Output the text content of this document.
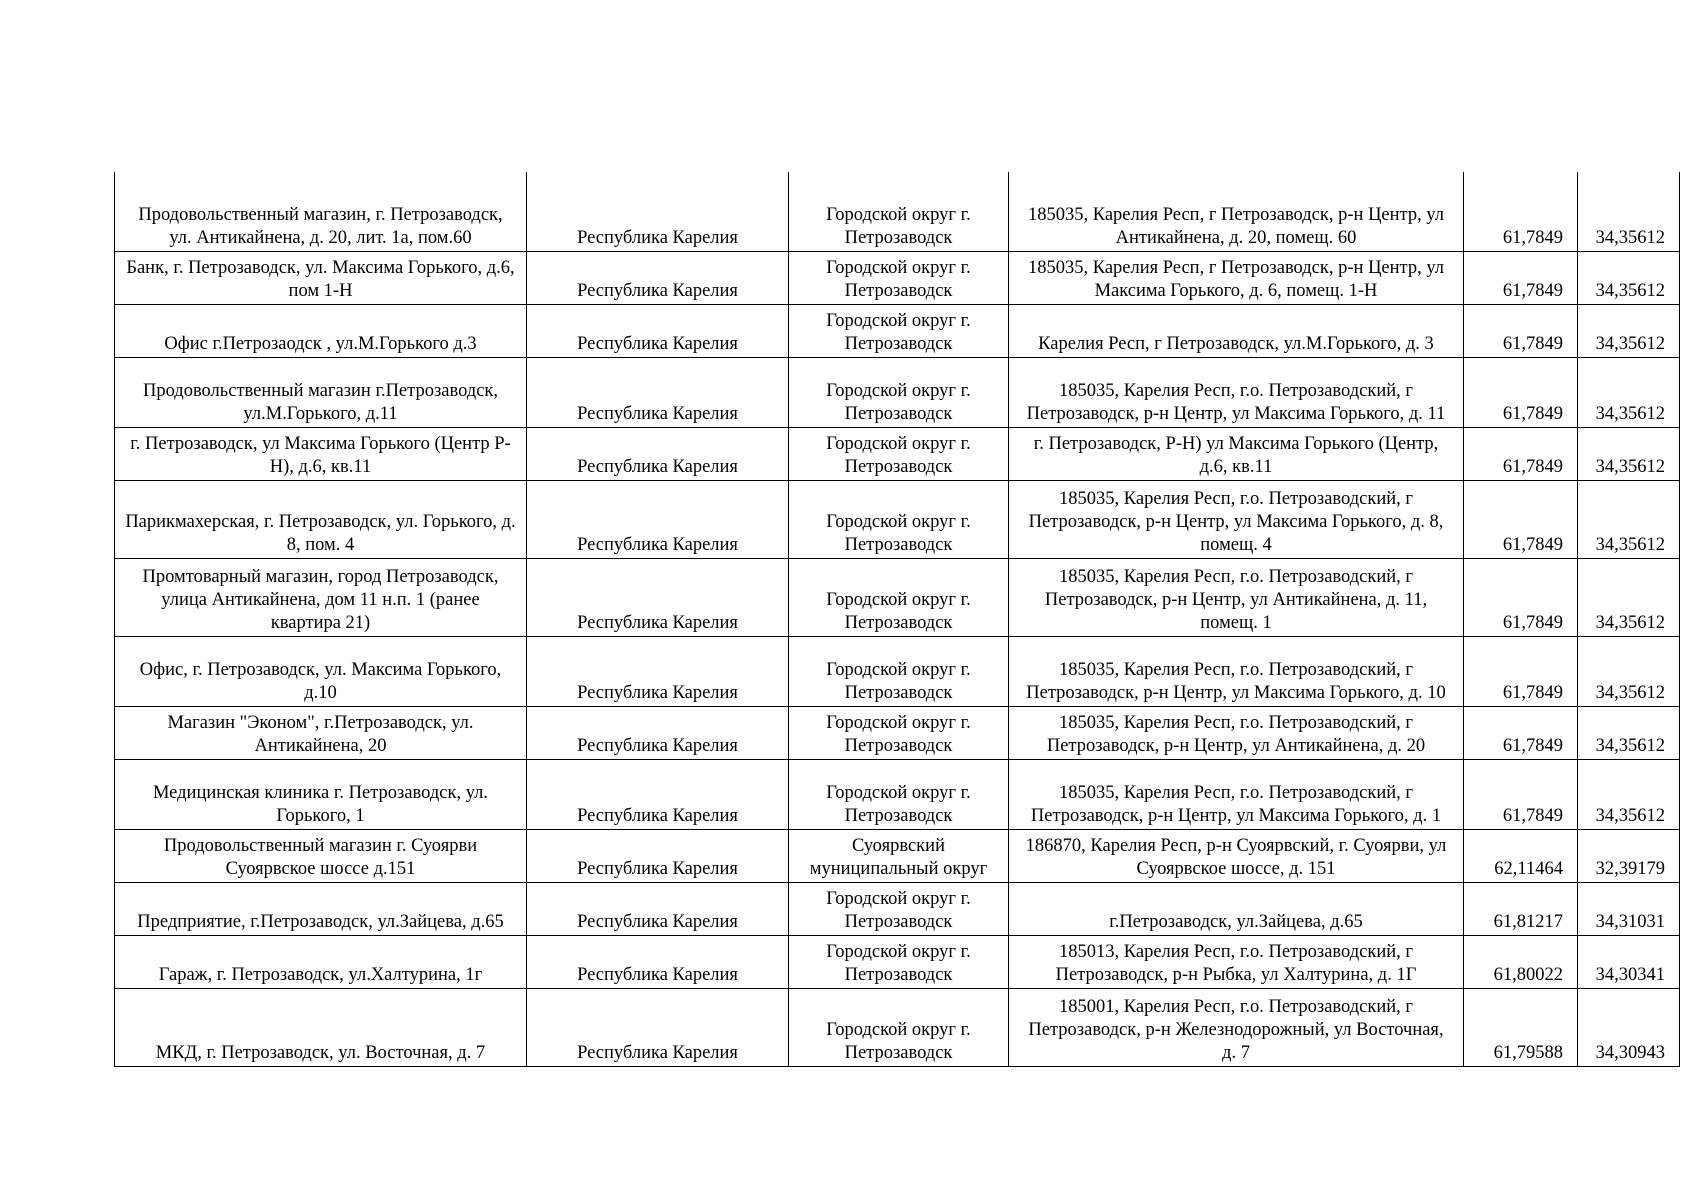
Продовольственный магазин, г. Петрозаводск, ул. Антикайнена, д. 20, лит. 1а, пом.60	Республика Карелия	Городской округ г. Петрозаводск	185035, Карелия Респ, г Петрозаводск, р-н Центр, ул Антикайнена, д. 20, помещ. 60	61,7849	34,35612
Банк, г. Петрозаводск, ул. Максима Горького, д.6, пом 1-Н	Республика Карелия	Городской округ г. Петрозаводск	185035, Карелия Респ, г Петрозаводск, р-н Центр, ул Максима Горького, д. 6, помещ. 1-Н	61,7849	34,35612
Офис г.Петрозаодск , ул.М.Горького д.3	Республика Карелия	Городской округ г. Петрозаводск	Карелия Респ, г Петрозаводск, ул.М.Горького, д. 3	61,7849	34,35612
Продовольственный магазин г.Петрозаводск, ул.М.Горького, д.11	Республика Карелия	Городской округ г. Петрозаводск	185035, Карелия Респ, г.о. Петрозаводский, г Петрозаводск, р-н Центр, ул Максима Горького, д. 11	61,7849	34,35612
г. Петрозаводск, ул Максима Горького (Центр Р-Н), д.6, кв.11	Республика Карелия	Городской округ г. Петрозаводск	г. Петрозаводск, Р-Н) ул Максима Горького (Центр, д.6, кв.11	61,7849	34,35612
Парикмахерская, г. Петрозаводск, ул. Горького, д. 8, пом. 4	Республика Карелия	Городской округ г. Петрозаводск	185035, Карелия Респ, г.о. Петрозаводский, г Петрозаводск, р-н Центр, ул Максима Горького, д. 8, помещ. 4	61,7849	34,35612
Промтоварный магазин, город Петрозаводск, улица Антикайнена, дом 11 н.п. 1 (ранее квартира 21)	Республика Карелия	Городской округ г. Петрозаводск	185035, Карелия Респ, г.о. Петрозаводский, г Петрозаводск, р-н Центр, ул Антикайнена, д. 11, помещ. 1	61,7849	34,35612
Офис, г. Петрозаводск, ул. Максима Горького, д.10	Республика Карелия	Городской округ г. Петрозаводск	185035, Карелия Респ, г.о. Петрозаводский, г Петрозаводск, р-н Центр, ул Максима Горького, д. 10	61,7849	34,35612
Магазин "Эконом", г.Петрозаводск, ул. Антикайнена, 20	Республика Карелия	Городской округ г. Петрозаводск	185035, Карелия Респ, г.о. Петрозаводский, г Петрозаводск, р-н Центр, ул Антикайнена, д. 20	61,7849	34,35612
Медицинская клиника г. Петрозаводск, ул. Горького, 1	Республика Карелия	Городской округ г. Петрозаводск	185035, Карелия Респ, г.о. Петрозаводский, г Петрозаводск, р-н Центр, ул Максима Горького, д. 1	61,7849	34,35612
Продовольственный магазин г. Суоярви Суоярвское шоссе д.151	Республика Карелия	Суоярвский муниципальный округ	186870, Карелия Респ, р-н Суоярвский, г. Суоярви, ул Суоярвское шоссе, д. 151	62,11464	32,39179
Предприятие, г.Петрозаводск, ул.Зайцева, д.65	Республика Карелия	Городской округ г. Петрозаводск	г.Петрозаводск, ул.Зайцева, д.65	61,81217	34,31031
Гараж, г. Петрозаводск, ул.Халтурина, 1г	Республика Карелия	Городской округ г. Петрозаводск	185013, Карелия Респ, г.о. Петрозаводский, г Петрозаводск, р-н Рыбка, ул Халтурина, д. 1Г	61,80022	34,30341
МКД, г. Петрозаводск, ул. Восточная, д. 7	Республика Карелия	Городской округ г. Петрозаводск	185001, Карелия Респ, г.о. Петрозаводский, г Петрозаводск, р-н Железнодорожный, ул Восточная, д. 7	61,79588	34,30943
